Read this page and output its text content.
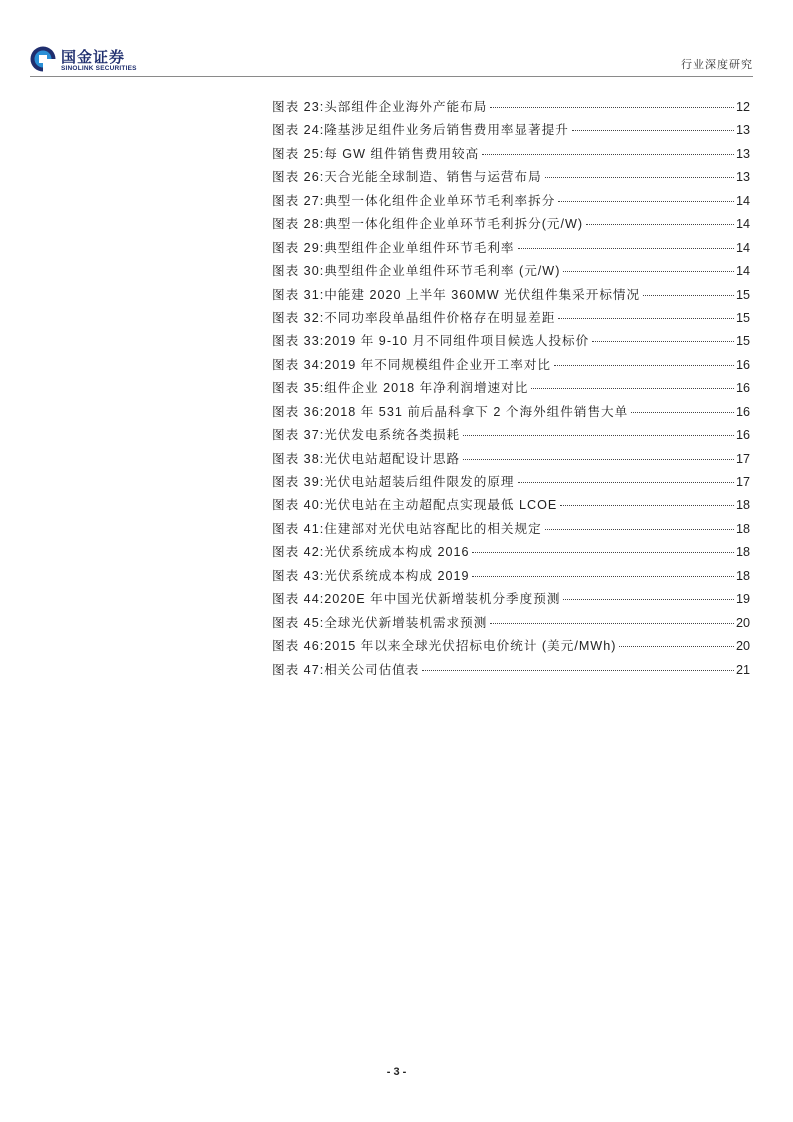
国金证券
SINOLINK SECURITIES	行业深度研究
图表 23: 头部组件企业海外产能布局	12
图表 24: 隆基涉足组件业务后销售费用率显著提升	13
图表 25: 每 GW 组件销售费用较高	13
图表 26: 天合光能全球制造、销售与运营布局	13
图表 27: 典型一体化组件企业单环节毛利率拆分	14
图表 28: 典型一体化组件企业单环节毛利拆分(元/W)	14
图表 29: 典型组件企业单组件环节毛利率	14
图表 30: 典型组件企业单组件环节毛利率 (元/W)	14
图表 31: 中能建 2020 上半年 360MW 光伏组件集采开标情况	15
图表 32: 不同功率段单晶组件价格存在明显差距	15
图表 33: 2019 年 9-10 月不同组件项目候选人投标价	15
图表 34: 2019 年不同规模组件企业开工率对比	16
图表 35: 组件企业 2018 年净利润增速对比	16
图表 36: 2018 年 531 前后晶科拿下 2 个海外组件销售大单	16
图表 37: 光伏发电系统各类损耗	16
图表 38: 光伏电站超配设计思路	17
图表 39: 光伏电站超装后组件限发的原理	17
图表 40: 光伏电站在主动超配点实现最低 LCOE	18
图表 41: 住建部对光伏电站容配比的相关规定	18
图表 42: 光伏系统成本构成 2016	18
图表 43: 光伏系统成本构成 2019	18
图表 44: 2020E 年中国光伏新增装机分季度预测	19
图表 45: 全球光伏新增装机需求预测	20
图表 46: 2015 年以来全球光伏招标电价统计 (美元/MWh)	20
图表 47: 相关公司估值表	21
- 3 -
